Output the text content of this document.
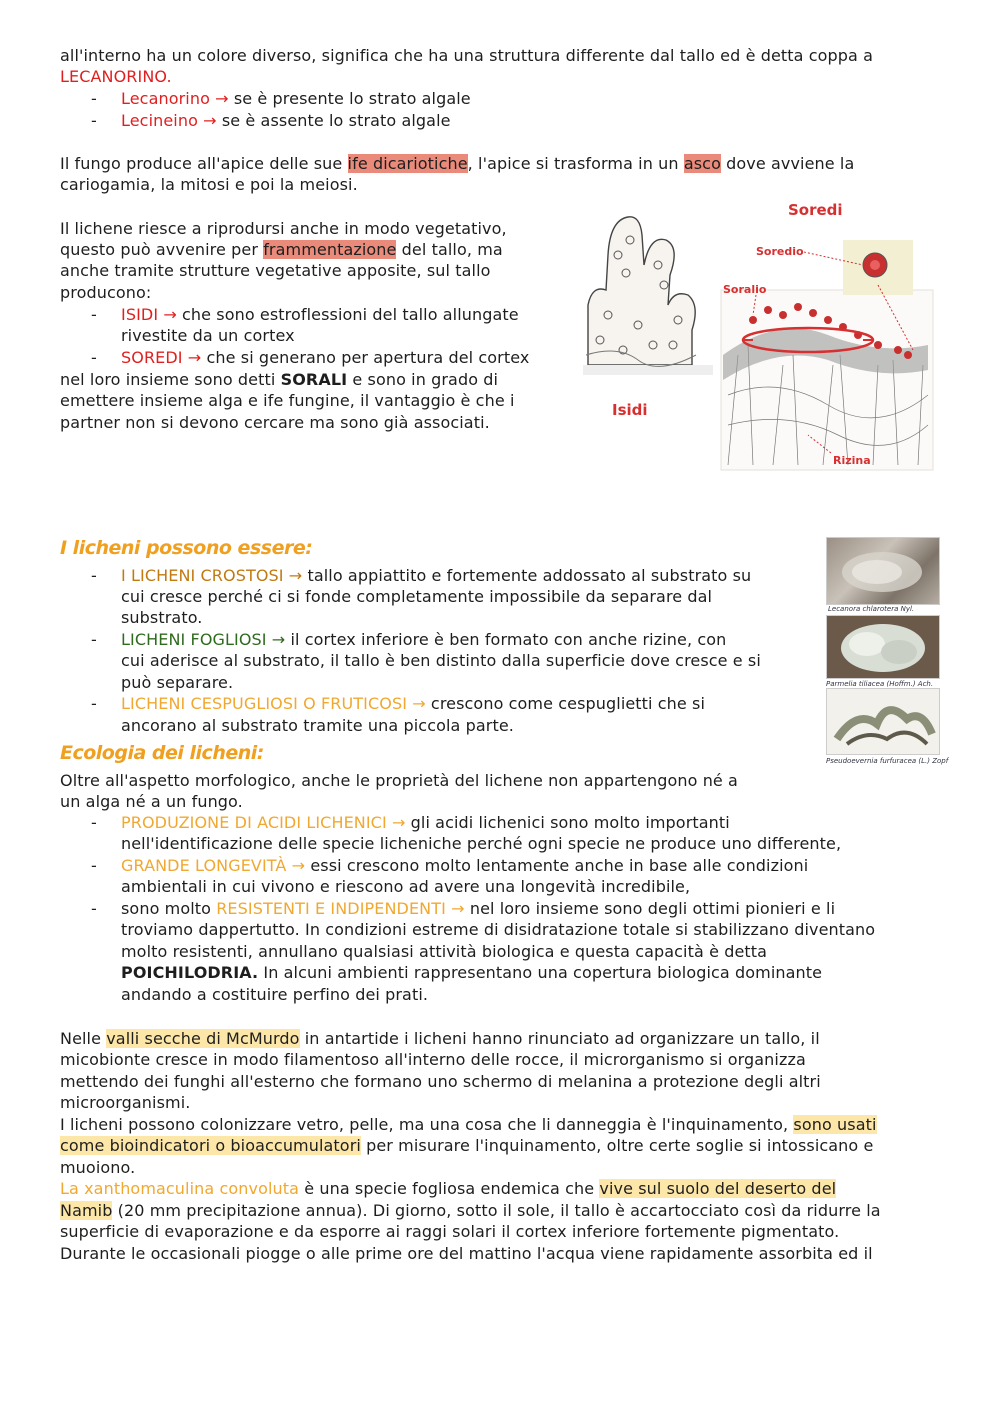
all'interno ha un colore diverso, significa che ha una struttura differente dal tallo ed è detta coppa a
LECANORINO.
- Lecanorino → se è presente lo strato algale
- Lecineino → se è assente lo strato algale
Il fungo produce all'apice delle sue ife dicariotiche, l'apice si trasforma in un asco dove avviene la
cariogamia, la mitosi e poi la meiosi.
Il lichene riesce a riprodursi anche in modo vegetativo,
questo può avvenire per frammentazione del tallo, ma
anche tramite strutture vegetative apposite, sul tallo
producono:
- ISIDI → che sono estroflessioni del tallo allungate
rivestite da un cortex
- SOREDI → che si generano per apertura del cortex
nel loro insieme sono detti SORALI e sono in grado di
emettere insieme alga e ife fungine, il vantaggio è che i
partner non si devono cercare ma sono già associati.
Soredi
Soredio
Soralio
Isidi
Rizina
I licheni possono essere:
- I LICHENI CROSTOSI → tallo appiattito e fortemente addossato al substrato su
cui cresce perché ci si fonde completamente impossibile da separare dal
substrato.
- LICHENI FOGLIOSI → il cortex inferiore è ben formato con anche rizine, con
cui aderisce al substrato, il tallo è ben distinto dalla superficie dove cresce e si
può separare.
- LICHENI CESPUGLIOSI O FRUTICOSI → crescono come cespuglietti che si
ancorano al substrato tramite una piccola parte.
Lecanora chlarotera Nyl.
Parmelia tiliacea (Hoffm.) Ach.
Pseudoevernia furfuracea (L.) Zopf
Ecologia dei licheni:
Oltre all'aspetto morfologico, anche le proprietà del lichene non appartengono né a
un alga né a un fungo.
- PRODUZIONE DI ACIDI LICHENICI → gli acidi lichenici sono molto importanti
nell'identificazione delle specie licheniche perché ogni specie ne produce uno differente,
- GRANDE LONGEVITÀ → essi crescono molto lentamente anche in base alle condizioni
ambientali in cui vivono e riescono ad avere una longevità incredibile,
- sono molto RESISTENTI E INDIPENDENTI → nel loro insieme sono degli ottimi pionieri e li
troviamo dappertutto. In condizioni estreme di disidratazione totale si stabilizzano diventano
molto resistenti, annullano qualsiasi attività biologica e questa capacità è detta
POICHILODRIA. In alcuni ambienti rappresentano una copertura biologica dominante
andando a costituire perfino dei prati.
Nelle valli secche di McMurdo in antartide i licheni hanno rinunciato ad organizzare un tallo, il
micobionte cresce in modo filamentoso all'interno delle rocce, il microrganismo si organizza
mettendo dei funghi all'esterno che formano uno schermo di melanina a protezione degli altri
microorganismi.
I licheni possono colonizzare vetro, pelle, ma una cosa che li danneggia è l'inquinamento, sono usati
come bioindicatori o bioaccumulatori per misurare l'inquinamento, oltre certe soglie si intossicano e
muoiono.
La xanthomaculina convoluta è una specie fogliosa endemica che vive sul suolo del deserto del
Namib (20 mm precipitazione annua). Di giorno, sotto il sole, il tallo è accartocciato così da ridurre la
superficie di evaporazione e da esporre ai raggi solari il cortex inferiore fortemente pigmentato.
Durante le occasionali piogge o alle prime ore del mattino l'acqua viene rapidamente assorbita ed il
